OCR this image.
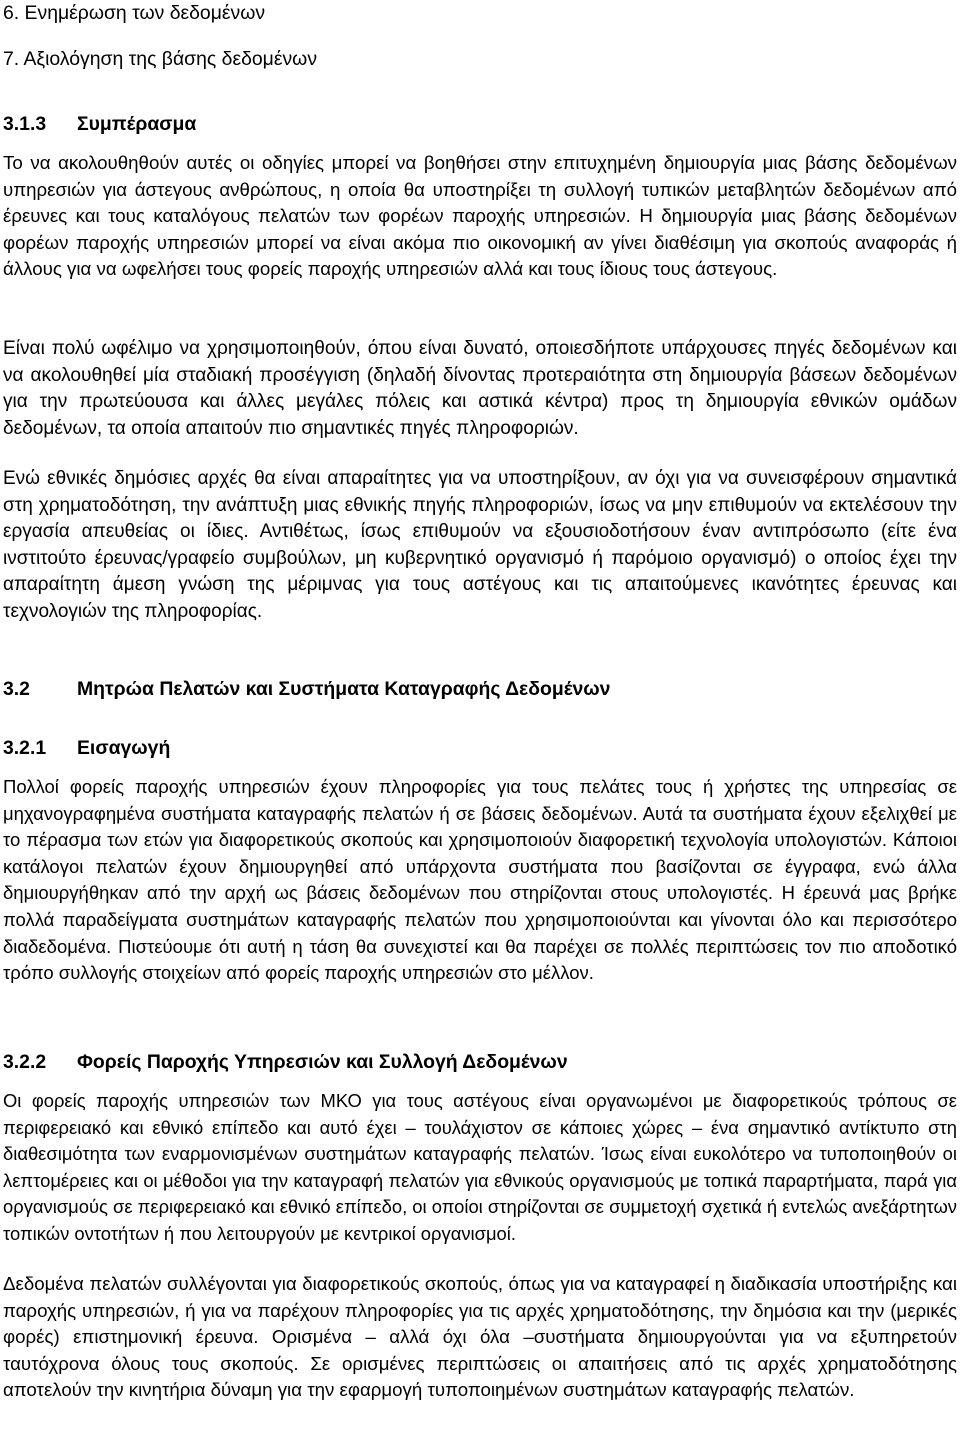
6. Ενημέρωση των δεδομένων
7. Αξιολόγηση της βάσης δεδομένων
3.1.3 Συμπέρασμα
Το να ακολουθηθούν αυτές οι οδηγίες μπορεί να βοηθήσει στην επιτυχημένη δημιουργία μιας βάσης δεδομένων υπηρεσιών για άστεγους ανθρώπους, η οποία θα υποστηρίξει τη συλλογή τυπικών μεταβλητών δεδομένων από έρευνες και τους καταλόγους πελατών των φορέων παροχής υπηρεσιών. Η δημιουργία μιας βάσης δεδομένων φορέων παροχής υπηρεσιών μπορεί να είναι ακόμα πιο οικονομική αν γίνει διαθέσιμη για σκοπούς αναφοράς ή άλλους για να ωφελήσει τους φορείς παροχής υπηρεσιών αλλά και τους ίδιους τους άστεγους.
Είναι πολύ ωφέλιμο να χρησιμοποιηθούν, όπου είναι δυνατό, οποιεσδήποτε υπάρχουσες πηγές δεδομένων και να ακολουθηθεί μία σταδιακή προσέγγιση (δηλαδή δίνοντας προτεραιότητα στη δημιουργία βάσεων δεδομένων για την πρωτεύουσα και άλλες μεγάλες πόλεις και αστικά κέντρα) προς τη δημιουργία εθνικών ομάδων δεδομένων, τα οποία απαιτούν πιο σημαντικές πηγές πληροφοριών.
Ενώ εθνικές δημόσιες αρχές θα είναι απαραίτητες για να υποστηρίξουν, αν όχι για να συνεισφέρουν σημαντικά στη χρηματοδότηση, την ανάπτυξη μιας εθνικής πηγής πληροφοριών, ίσως να μην επιθυμούν να εκτελέσουν την εργασία απευθείας οι ίδιες. Αντιθέτως, ίσως επιθυμούν να εξουσιοδοτήσουν έναν αντιπρόσωπο (είτε ένα ινστιτούτο έρευνας/γραφείο συμβούλων, μη κυβερνητικό οργανισμό ή παρόμοιο οργανισμό) ο οποίος έχει την απαραίτητη άμεση γνώση της μέριμνας για τους αστέγους και τις απαιτούμενες ικανότητες έρευνας και τεχνολογιών της πληροφορίας.
3.2 Μητρώα Πελατών και Συστήματα Καταγραφής Δεδομένων
3.2.1 Εισαγωγή
Πολλοί φορείς παροχής υπηρεσιών έχουν πληροφορίες για τους πελάτες τους ή χρήστες της υπηρεσίας σε μηχανογραφημένα συστήματα καταγραφής πελατών ή σε βάσεις δεδομένων. Αυτά τα συστήματα έχουν εξελιχθεί με το πέρασμα των ετών για διαφορετικούς σκοπούς και χρησιμοποιούν διαφορετική τεχνολογία υπολογιστών. Κάποιοι κατάλογοι πελατών έχουν δημιουργηθεί από υπάρχοντα συστήματα που βασίζονται σε έγγραφα, ενώ άλλα δημιουργήθηκαν από την αρχή ως βάσεις δεδομένων που στηρίζονται στους υπολογιστές. Η έρευνά μας βρήκε πολλά παραδείγματα συστημάτων καταγραφής πελατών που χρησιμοποιούνται και γίνονται όλο και περισσότερο διαδεδομένα. Πιστεύουμε ότι αυτή η τάση θα συνεχιστεί και θα παρέχει σε πολλές περιπτώσεις τον πιο αποδοτικό τρόπο συλλογής στοιχείων από φορείς παροχής υπηρεσιών στο μέλλον.
3.2.2 Φορείς Παροχής Υπηρεσιών και Συλλογή Δεδομένων
Οι φορείς παροχής υπηρεσιών των ΜΚΟ για τους αστέγους είναι οργανωμένοι με διαφορετικούς τρόπους σε περιφερειακό και εθνικό επίπεδο και αυτό έχει – τουλάχιστον σε κάποιες χώρες – ένα σημαντικό αντίκτυπο στη διαθεσιμότητα των εναρμονισμένων συστημάτων καταγραφής πελατών. Ίσως είναι ευκολότερο να τυποποιηθούν οι λεπτομέρειες και οι μέθοδοι για την καταγραφή πελατών για εθνικούς οργανισμούς με τοπικά παραρτήματα, παρά για οργανισμούς σε περιφερειακό και εθνικό επίπεδο, οι οποίοι στηρίζονται σε συμμετοχή σχετικά ή εντελώς ανεξάρτητων τοπικών οντοτήτων ή που λειτουργούν με κεντρικοί οργανισμοί.
Δεδομένα πελατών συλλέγονται για διαφορετικούς σκοπούς, όπως για να καταγραφεί η διαδικασία υποστήριξης και παροχής υπηρεσιών, ή για να παρέχουν πληροφορίες για τις αρχές χρηματοδότησης, την δημόσια και την (μερικές φορές) επιστημονική έρευνα. Ορισμένα – αλλά όχι όλα –συστήματα δημιουργούνται για να εξυπηρετούν ταυτόχρονα όλους τους σκοπούς. Σε ορισμένες περιπτώσεις οι απαιτήσεις από τις αρχές χρηματοδότησης αποτελούν την κινητήρια δύναμη για την εφαρμογή τυποποιημένων συστημάτων καταγραφής πελατών.
